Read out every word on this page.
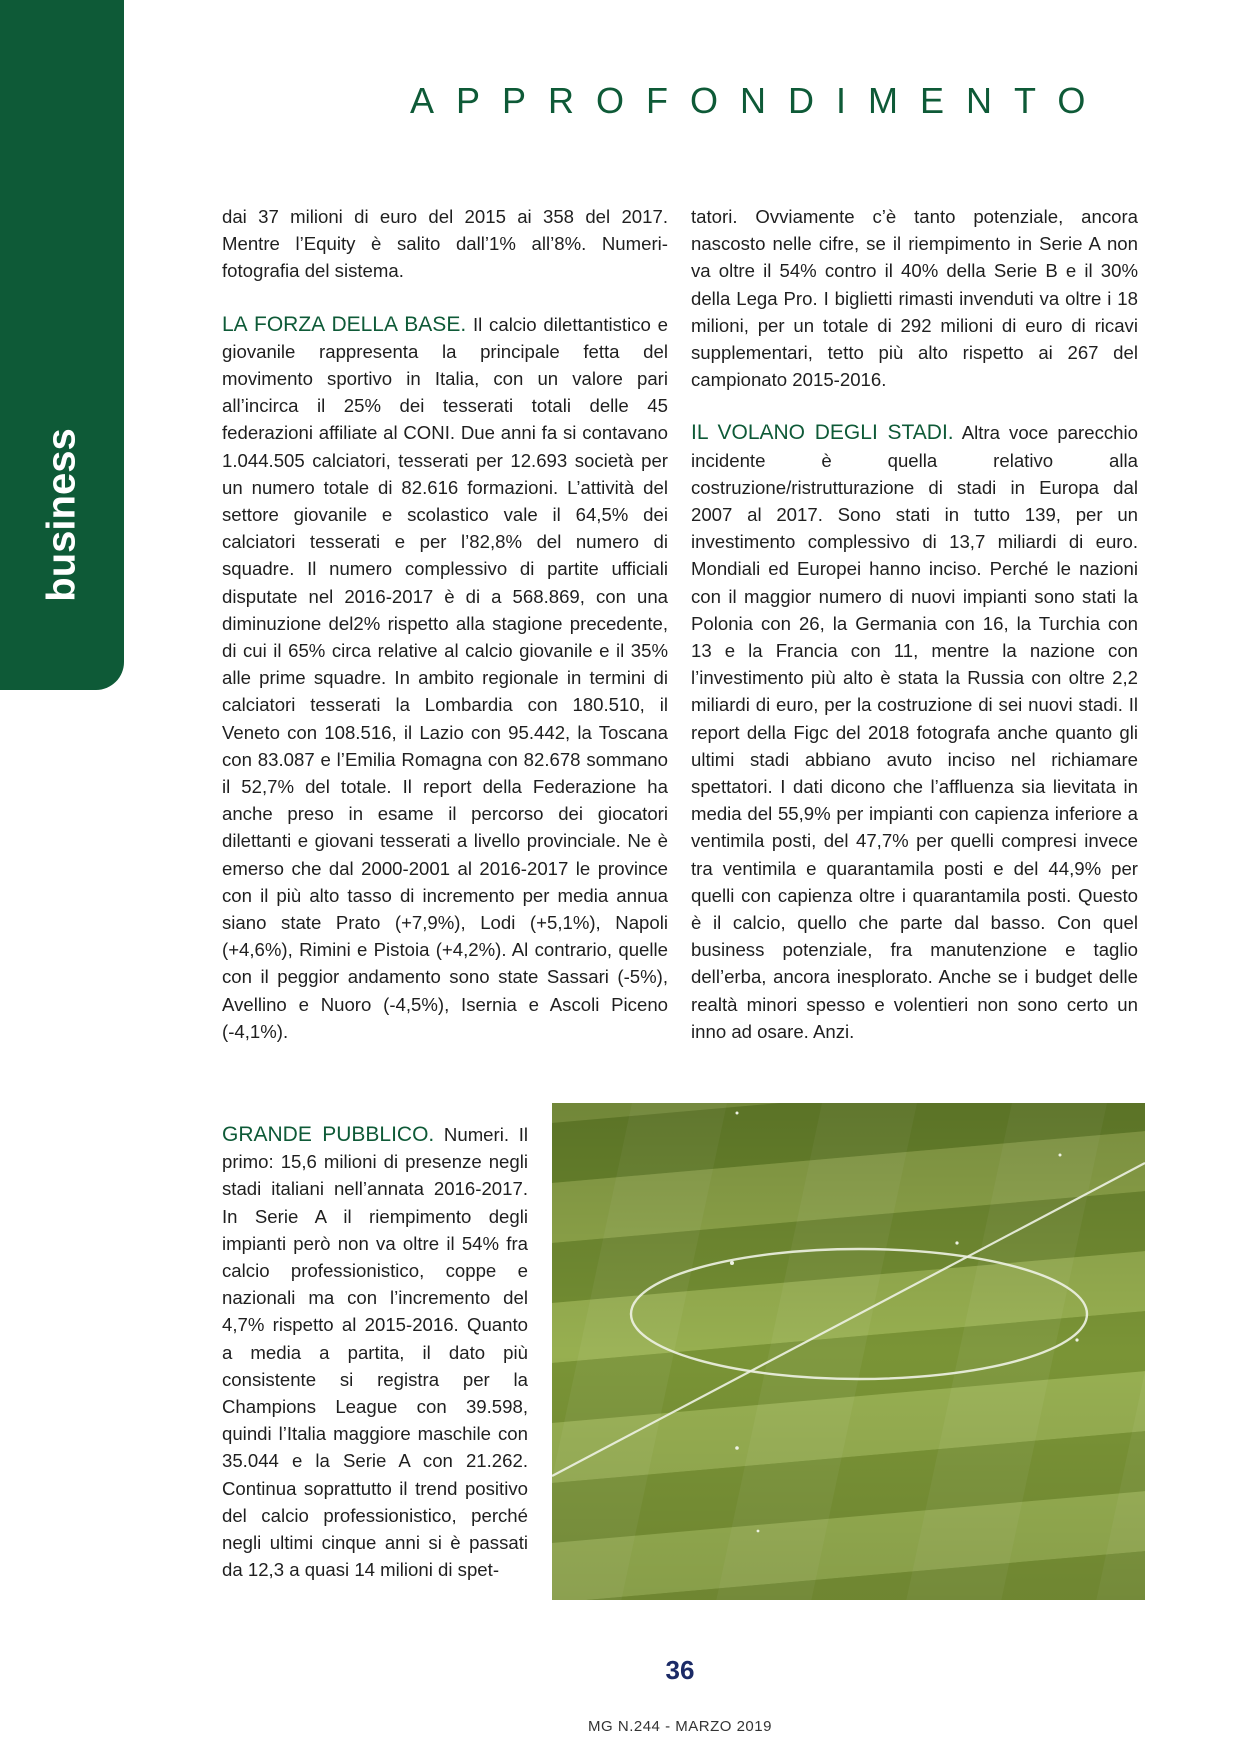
business
APPROFONDIMENTO

dai 37 milioni di euro del 2015 ai 358 del 2017. Mentre l’Equity è salito dall’1% all’8%. Numeri-fotografia del sistema.

LA FORZA DELLA BASE. Il calcio dilettantistico e giovanile rappresenta la principale fetta del movimento sportivo in Italia, con un valore pari all’incirca il 25% dei tesserati totali delle 45 federazioni affiliate al CONI. Due anni fa si contavano 1.044.505 calciatori, tesserati per 12.693 società per un numero totale di 82.616 formazioni. L’attività del settore giovanile e scolastico vale il 64,5% dei calciatori tesserati e per l’82,8% del numero di squadre. Il numero complessivo di partite ufficiali disputate nel 2016-2017 è di a 568.869, con una diminuzione del2% rispetto alla stagione precedente, di cui il 65% circa relative al calcio giovanile e il 35% alle prime squadre. In ambito regionale in termini di calciatori tesserati la Lombardia con 180.510, il Veneto con 108.516, il Lazio con 95.442, la Toscana con 83.087 e l’Emilia Romagna con 82.678 sommano il 52,7% del totale. Il report della Federazione ha anche preso in esame il percorso dei giocatori dilettanti e giovani tesserati a livello provinciale. Ne è emerso che dal 2000-2001 al 2016-2017 le province con il più alto tasso di incremento per media annua siano state Prato (+7,9%), Lodi (+5,1%), Napoli (+4,6%), Rimini e Pistoia (+4,2%). Al contrario, quelle con il peggior andamento sono state Sassari (-5%), Avellino e Nuoro (-4,5%), Isernia e Ascoli Piceno (-4,1%).

tatori. Ovviamente c’è tanto potenziale, ancora nascosto nelle cifre, se il riempimento in Serie A non va oltre il 54% contro il 40% della Serie B e il 30% della Lega Pro. I biglietti rimasti invenduti va oltre i 18 milioni, per un totale di 292 milioni di euro di ricavi supplementari, tetto più alto rispetto ai 267 del campionato 2015-2016.

IL VOLANO DEGLI STADI. Altra voce parecchio incidente è quella relativo alla costruzione/ristrutturazione di stadi in Europa dal 2007 al 2017. Sono stati in tutto 139, per un investimento complessivo di 13,7 miliardi di euro. Mondiali ed Europei hanno inciso. Perché le nazioni con il maggior numero di nuovi impianti sono stati la Polonia con 26, la Germania con 16, la Turchia con 13 e la Francia con 11, mentre la nazione con l’investimento più alto è stata la Russia con oltre 2,2 miliardi di euro, per la costruzione di sei nuovi stadi. Il report della Figc del 2018 fotografa anche quanto gli ultimi stadi abbiano avuto inciso nel richiamare spettatori. I dati dicono che l’affluenza sia lievitata in media del 55,9% per impianti con capienza inferiore a ventimila posti, del 47,7% per quelli compresi invece tra ventimila e quarantamila posti e del 44,9% per quelli con capienza oltre i quarantamila posti. Questo è il calcio, quello che parte dal basso. Con quel business potenziale, fra manutenzione e taglio dell’erba, ancora inesplorato. Anche se i budget delle realtà minori spesso e volentieri non sono certo un inno ad osare. Anzi.

GRANDE PUBBLICO. Numeri. Il primo: 15,6 milioni di presenze negli stadi italiani nell’annata 2016-2017. In Serie A il riempimento degli impianti però non va oltre il 54% fra calcio professionistico, coppe e nazionali ma con l’incremento del 4,7% rispetto al 2015-2016. Quanto a media a partita, il dato più consistente si registra per la Champions League con 39.598, quindi l’Italia maggiore maschile con 35.044 e la Serie A con 21.262. Continua soprattutto il trend positivo del calcio professionistico, perché negli ultimi cinque anni si è passati da 12,3 a quasi 14 milioni di spet-

36
MG N.244 - MARZO 2019
